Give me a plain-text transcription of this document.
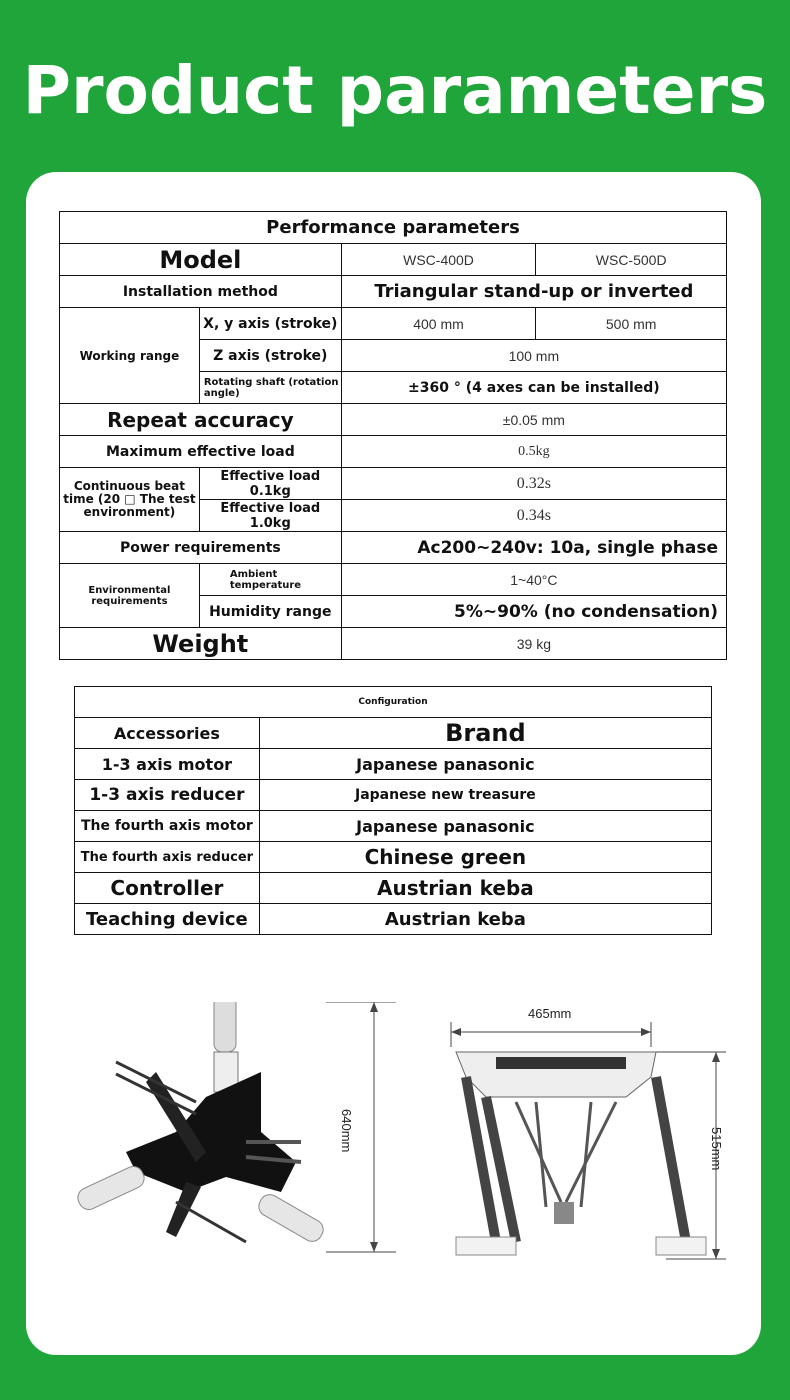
Product parameters
Performance parameters			
Model		WSC-400D	WSC-500D
Installation method		Triangular stand-up or inverted	
Working range	X, y axis (stroke)	400 mm	500 mm
	Z axis (stroke)	100 mm	
	Rotating shaft (rotation angle)	±360 ° (4 axes can be installed)	
Repeat accuracy		±0.05 mm	
Maximum effective load		0.5kg	
Continuous beat time (20 □ The test environment)	Effective load 0.1kg	0.32s	
	Effective load 1.0kg	0.34s	
Power requirements		Ac200~240v: 10a, single phase	
Environmental requirements	Ambient temperature	1~40°C	
	Humidity range	5%~90% (no condensation)	
Weight		39 kg	
Configuration	
Accessories	Brand
1-3 axis motor	Japanese panasonic
1-3 axis reducer	Japanese new treasure
The fourth axis motor	Japanese panasonic
The fourth axis reducer	Chinese green
Controller	Austrian keba
Teaching device	Austrian keba
640mm
465mm
515mm
